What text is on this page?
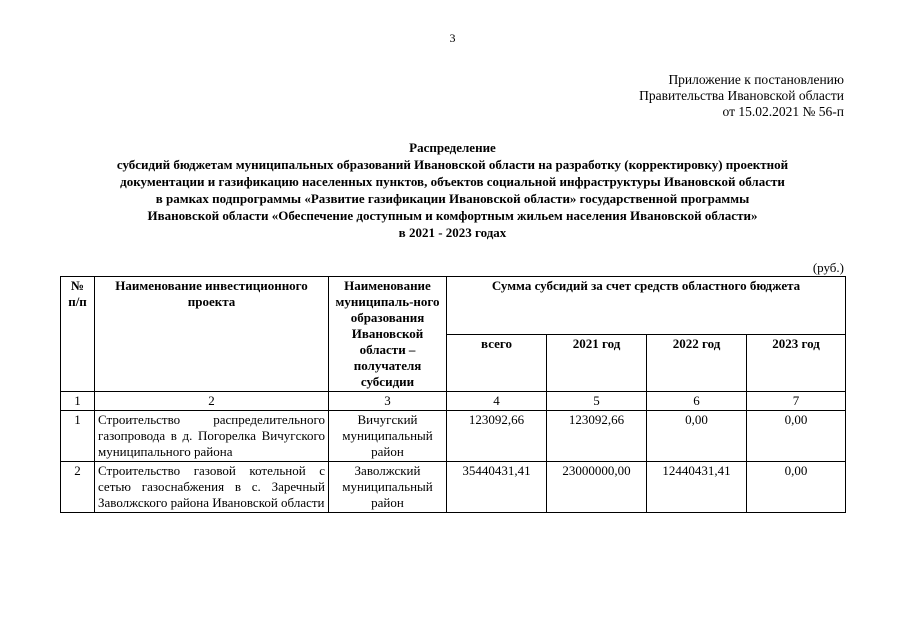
3
Приложение к постановлению
Правительства Ивановской области
от 15.02.2021 № 56-п
Распределение
субсидий бюджетам муниципальных образований Ивановской области на разработку (корректировку) проектной
документации и газификацию населенных пунктов, объектов социальной инфраструктуры Ивановской области
в рамках подпрограммы «Развитие газификации Ивановской области» государственной программы
Ивановской области «Обеспечение доступным и комфортным жильем населения Ивановской области»
в 2021 - 2023 годах
(руб.)
№ п/п	Наименование инвестиционного проекта	Наименование муниципаль-ного образования Ивановской области – получателя субсидии	Сумма субсидий за счет средств областного бюджета			
			всего	2021 год	2022 год	2023 год
1	2	3	4	5	6	7
1	Строительство распределительного газопровода в д. Погорелка Вичугского муниципального района	Вичугский муниципальный район	123092,66	123092,66	0,00	0,00
2	Строительство газовой котельной с сетью газоснабжения в с. Заречный Заволжского района Ивановской области	Заволжский муниципальный район	35440431,41	23000000,00	12440431,41	0,00
